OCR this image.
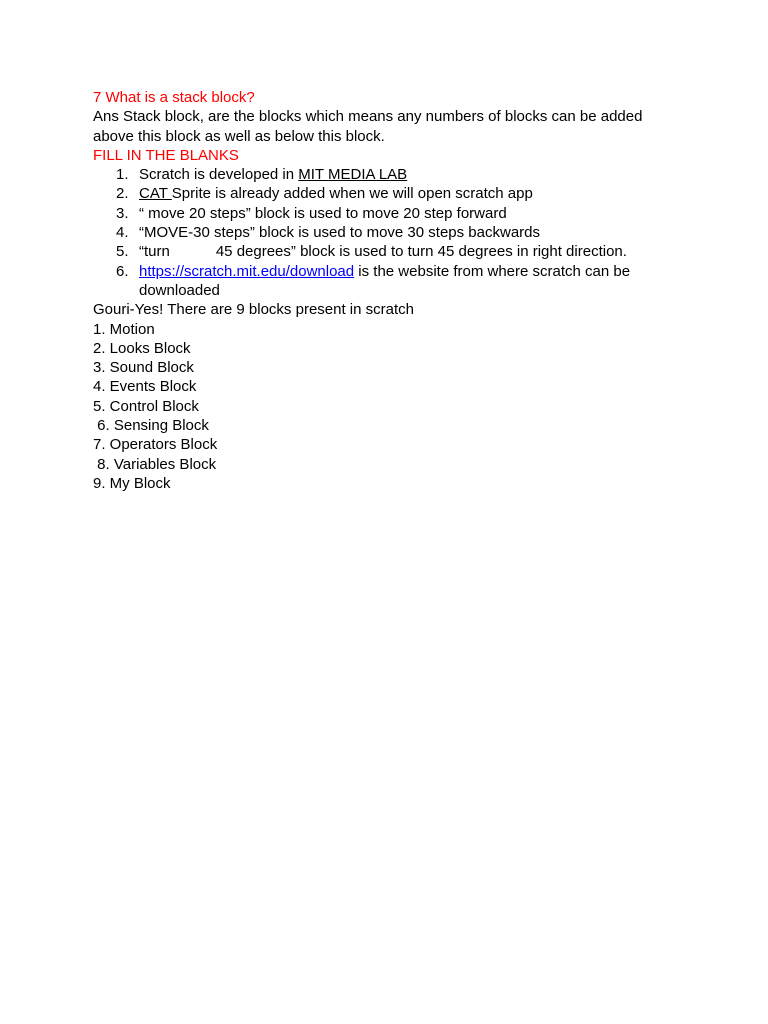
7 What is a stack block?

Ans Stack block, are the blocks which means any numbers of blocks can be added above this block as well as below this block.

FILL IN THE BLANKS

1. Scratch is developed in MIT MEDIA LAB
2. CAT Sprite is already added when we will open scratch app
3. “ move 20 steps” block is used to move 20 step forward
4. “MOVE-30 steps” block is used to move 30 steps backwards
5. “turn	45 degrees” block is used to turn 45 degrees in right direction.
6. https://scratch.mit.edu/download is the website from where scratch can be downloaded

Gouri-Yes! There are 9 blocks present in scratch

1. Motion

2. Looks Block

3. Sound Block

4. Events Block

5. Control Block

6. Sensing Block

7. Operators Block

8. Variables Block

9. My Block
